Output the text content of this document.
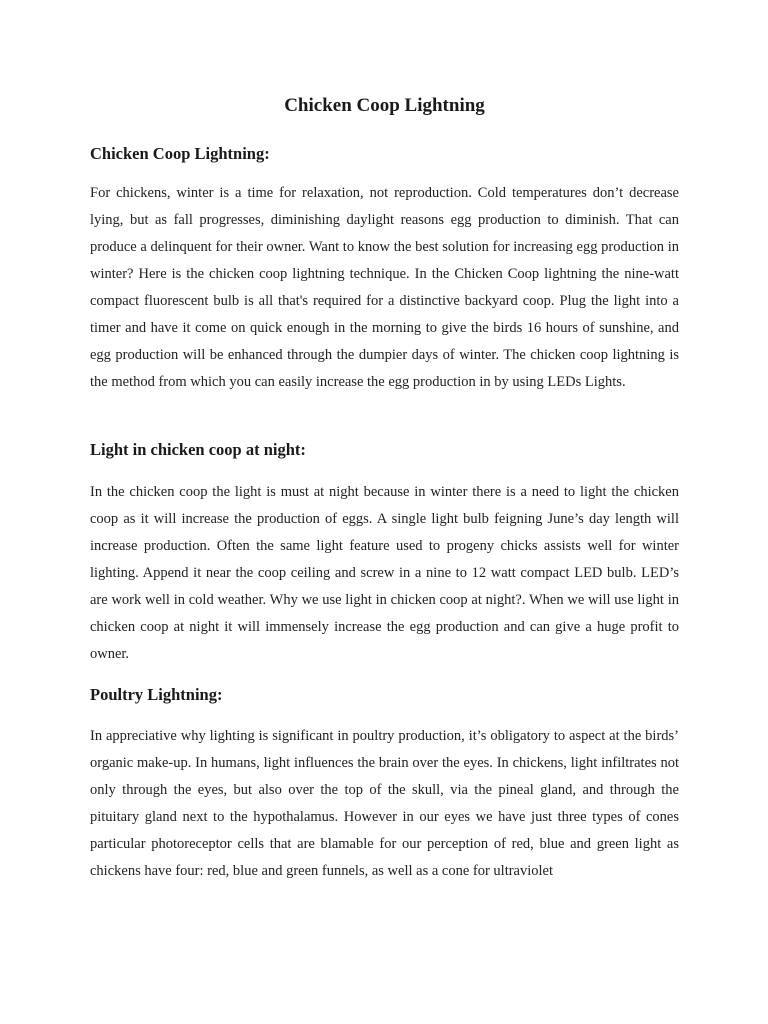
Chicken Coop Lightning
Chicken Coop Lightning:

For chickens, winter is a time for relaxation, not reproduction. Cold temperatures don’t decrease lying, but as fall progresses, diminishing daylight reasons egg production to diminish. That can produce a delinquent for their owner. Want to know the best solution for increasing egg production in winter? Here is the chicken coop lightning technique. In the Chicken Coop lightning the nine-watt compact fluorescent bulb is all that's required for a distinctive backyard coop. Plug the light into a timer and have it come on quick enough in the morning to give the birds 16 hours of sunshine, and egg production will be enhanced through the dumpier days of winter. The chicken coop lightning is the method from which you can easily increase the egg production in by using LEDs Lights.

Light in chicken coop at night:

In the chicken coop the light is must at night because in winter there is a need to light the chicken coop as it will increase the production of eggs. A single light bulb feigning June’s day length will increase production. Often the same light feature used to progeny chicks assists well for winter lighting. Append it near the coop ceiling and screw in a nine to 12 watt compact LED bulb. LED’s are work well in cold weather. Why we use light in chicken coop at night?. When we will use light in chicken coop at night it will immensely increase the egg production and can give a huge profit to owner.

Poultry Lightning:

In appreciative why lighting is significant in poultry production, it’s obligatory to aspect at the birds’ organic make-up. In humans, light influences the brain over the eyes. In chickens, light infiltrates not only through the eyes, but also over the top of the skull, via the pineal gland, and through the pituitary gland next to the hypothalamus. However in our eyes we have just three types of cones particular photoreceptor cells that are blamable for our perception of red, blue and green light as chickens have four: red, blue and green funnels, as well as a cone for ultraviolet
